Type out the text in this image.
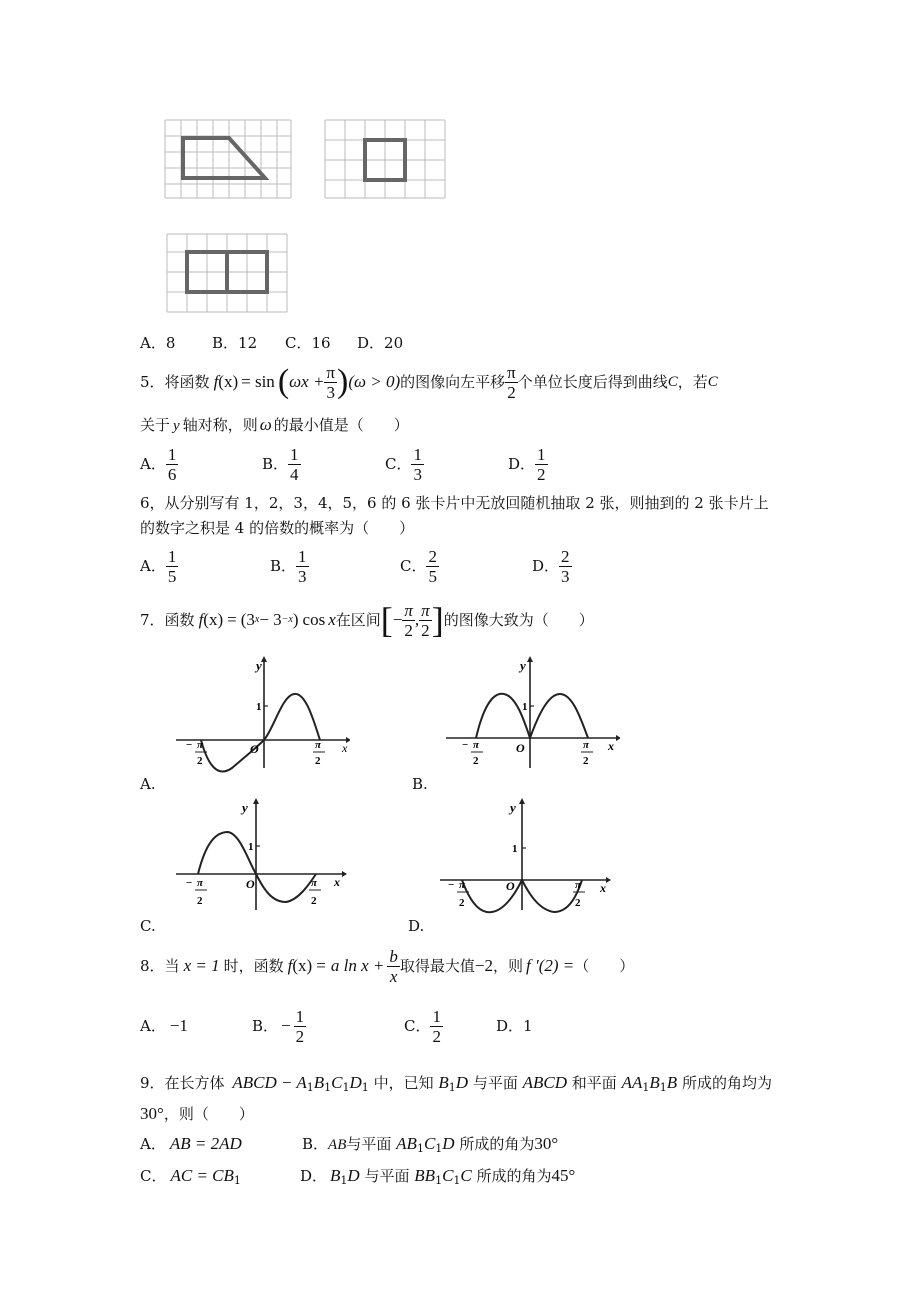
A．8 B．12 C．16 D．20
5． 将函数 f (x) = sin ( $\omega x + \frac{\pi}{3}$ ) (ω > 0) 的图像向左平移 $\frac{\pi}{2}$ 个单位长度后得到曲线 C ，若 C
关于 y 轴对称，则 ω 的最小值是（　　）
A． $\frac{1}{6}$	B． $\frac{1}{4}$	C． $\frac{1}{3}$	D． $\frac{1}{2}$
6，从分别写有 1，2，3，4，5，6 的 6 张卡片中无放回随机抽取 2 张，则抽到的 2 张卡片上
的数字之积是 4 的倍数的概率为（　　）
A． $\frac{1}{5}$	B． $\frac{1}{3}$	C． $\frac{2}{5}$	D． $\frac{2}{3}$
7． 函数 f (x) = (3 x − 3 −x ) cos x 在区间 [ − $\frac{\pi}{2}$ , $\frac{\pi}{2}$ ] 的图像大致为（　　）
y
x
O
1
− π
2
π
2
A.
y
x
O
1
− π
2
π
2
B.
y
x
O
1
− π
2
π
2
C.
y
x
O
1
− π
2
π
2
D.
8． 当 x = 1 时，函数 f (x) = a $\ln x + \frac{b}{x}$ 取得最大值 −2 ，则 f ′(2) = （　　）
A． −1	B． − $\frac{1}{2}$	C． $\frac{1}{2}$	D．1
9．在长方体 ABCD − $A_1B_1C_1D_1$ 中，已知 $B_1D$ 与平面 ABCD 和平面 $AA_1B_1B$ 所成的角均为
30°，则（　　）
A． AB = 2AD	B．AB与平面 $AB_1C_1D$ 所成的角为30°
C． AC = $CB_1$	D． $B_1D$ 与平面 $BB_1C_1C$ 所成的角为45°
